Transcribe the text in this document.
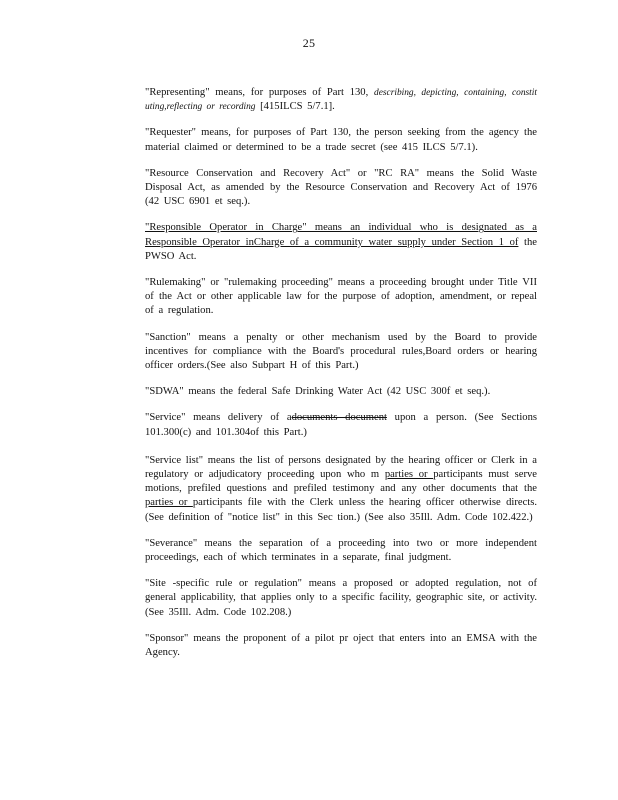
25

"Representing" means, for purposes of Part 130, describing, depicting, containing, constit uting,reflecting or recording [415ILCS 5/7.1].

"Requester" means, for purposes of Part 130, the person seeking from the agency the material claimed or determined to be a trade secret (see 415 ILCS 5/7.1).

"Resource Conservation and Recovery Act" or "RC RA" means the Solid Waste Disposal Act, as amended by the Resource Conservation and Recovery Act of 1976 (42 USC 6901 et seq.).

"Responsible Operator in Charge" means an individual who is designated as a Responsible Operator inCharge of a community water supply under Section 1 of the PWSO Act.

"Rulemaking" or "rulemaking proceeding" means a proceeding brought under Title VII of the Act or other applicable law for the purpose of adoption, amendment, or repeal of a regulation.

"Sanction" means a penalty or other mechanism used by the Board to provide incentives for compliance with the Board's procedural rules,Board orders or hearing officer orders.(See also Subpart H of this Part.)

"SDWA" means the federal Safe Drinking Water Act (42 USC 300f et seq.).

"Service" means delivery of adocuments document upon a person. (See Sections 101.300(c) and 101.304of this Part.)

"Service list" means the list of persons designated by the hearing officer or Clerk in a regulatory or adjudicatory proceeding upon who m parties or participants must serve motions, prefiled questions and prefiled testimony and any other documents that the parties or participants file with the Clerk unless the hearing officer otherwise directs. (See definition of "notice list" in this Sec tion.) (See also 35Ill. Adm. Code 102.422.)

"Severance" means the separation of a proceeding into two or more independent proceedings, each of which terminates in a separate, final judgment.

"Site -specific rule or regulation" means a proposed or adopted regulation, not of general applicability, that applies only to a specific facility, geographic site, or activity. (See 35Ill. Adm. Code 102.208.)

"Sponsor" means the proponent of a pilot pr oject that enters into an EMSA with the Agency.
